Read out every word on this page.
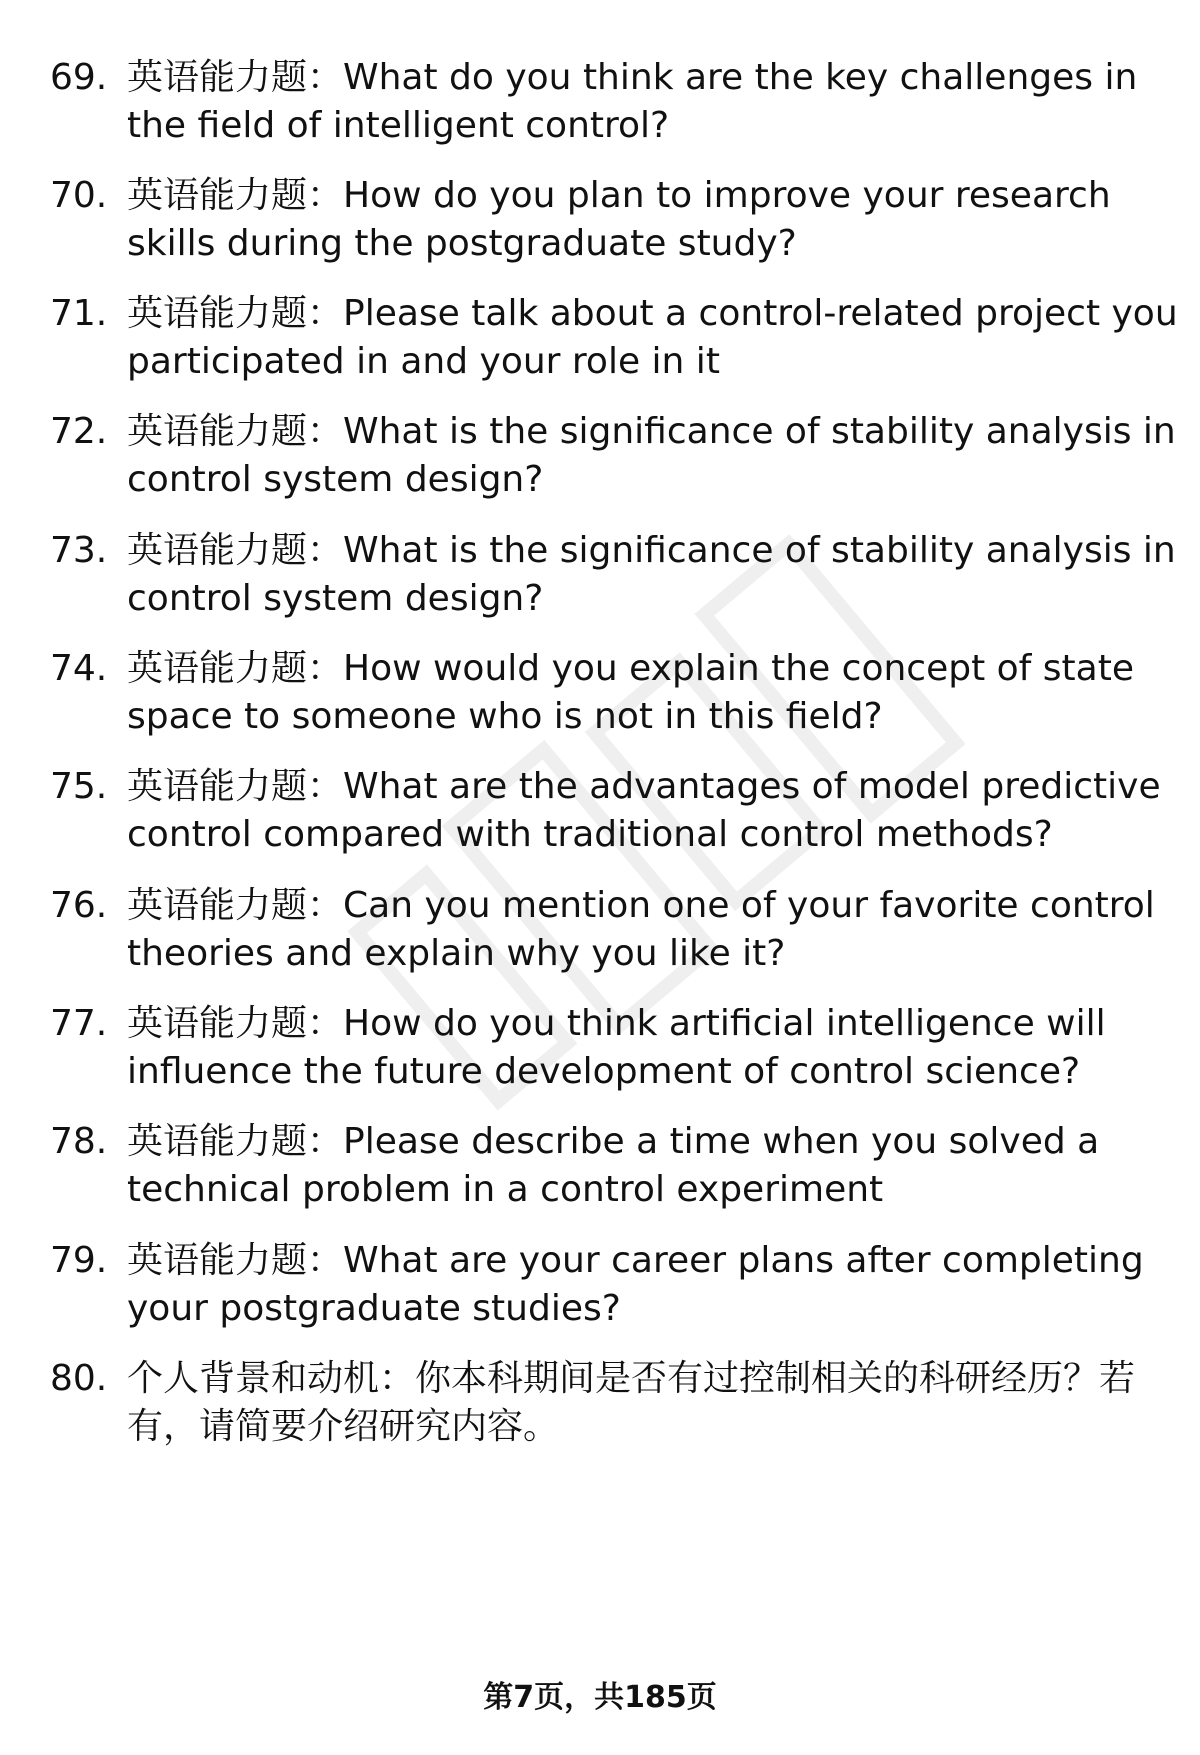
69. 英语能力题：What do you think are the key challenges in the field of intelligent control?
70. 英语能力题：How do you plan to improve your research skills during the postgraduate study?
71. 英语能力题：Please talk about a control-related project you participated in and your role in it
72. 英语能力题：What is the significance of stability analysis in control system design?
73. 英语能力题：What is the significance of stability analysis in control system design?
74. 英语能力题：How would you explain the concept of state space to someone who is not in this field?
75. 英语能力题：What are the advantages of model predictive control compared with traditional control methods?
76. 英语能力题：Can you mention one of your favorite control theories and explain why you like it?
77. 英语能力题：How do you think artificial intelligence will influence the future development of control science?
78. 英语能力题：Please describe a time when you solved a technical problem in a control experiment
79. 英语能力题：What are your career plans after completing your postgraduate studies?
80. 个人背景和动机：你本科期间是否有过控制相关的科研经历？若有，请简要介绍研究内容。
第7页，共185页
